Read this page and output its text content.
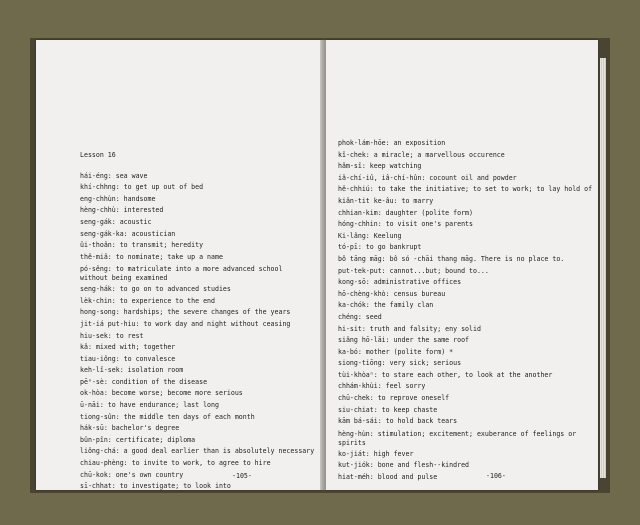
Lesson 16
hái-éng: sea wave
khí-chhng: to get up out of bed
eng-chhùn: handsome
hèng-chhù: interested
seng-gák: acoustic
seng-gák-ka: acoustician
ûi-thoân: to transmit; heredity
thê-miâ: to nominate; take up a name
pó-sêng: to matriculate into a more advanced school without being examined
seng-hák: to go on to advanced studies
lèk-chin: to experience to the end
hong-song: hardships; the severe changes of the years
jit-iá put-hiu: to work day and night without ceasing
hiu-sek: to rest
kâ: mixed with; together
tiau-iông: to convalesce
keh-lî-sek: isolation room
pēⁿ-sè: condition of the disease
ok-hòa: become worse; become more serious
ū-nāi: to have endurance; last long
tiong-sûn: the middle ten days of each month
hák-sū: bachelor's degree
bûn-pîn: certificate; diploma
liông-chá: a good deal earlier than is absolutely necessary
chiau-phèng: to invite to work, to agree to hire
chū-kok: one's own country
sī-chhat: to investigate; to look into
-105-
phok-lám-hōe: an exposition
kî-chek: a miracle; a marvellous occurence
hâm-sî: keep watching
iâ-chí-iû, iâ-chí-hûn: cocount oil and powder
hê-chhiú: to take the initiative; to set to work; to lay hold of
kiân-tit ke-âu: to marry
chhian-kim: daughter (polite form)
hóng-chhin: to visit one's parents
Ki-lâng: Keelung
tó-pī: to go bankrupt
bô tāng māg: bô só -chāi thang māg. There is no place to.
put-tek-put: cannot...but; bound to...
kong-sō: administrative offices
hō-chèng-khò: census bureau
ka-chók: the family clan
chéng: seed
hi-sit: truth and falsity; eny solid
siâng hō-lāi: under the same roof
ka-bó: mother (polite form) *
siong-tiōng: very sick; serious
tùi-khòaⁿ: to stare each other, to look at the another
chhám-khùi: feel sorry
chū-chek: to reprove oneself
siu-chiat: to keep chaste
kām bá-sái: to hold back tears
hèng-hùn: stimulation; excitement; exuberance of feelings or spirits
ko-jiát: high fever
kut-jiók: bone and flesh--kindred
hiat-méh: blood and pulse	-106-
